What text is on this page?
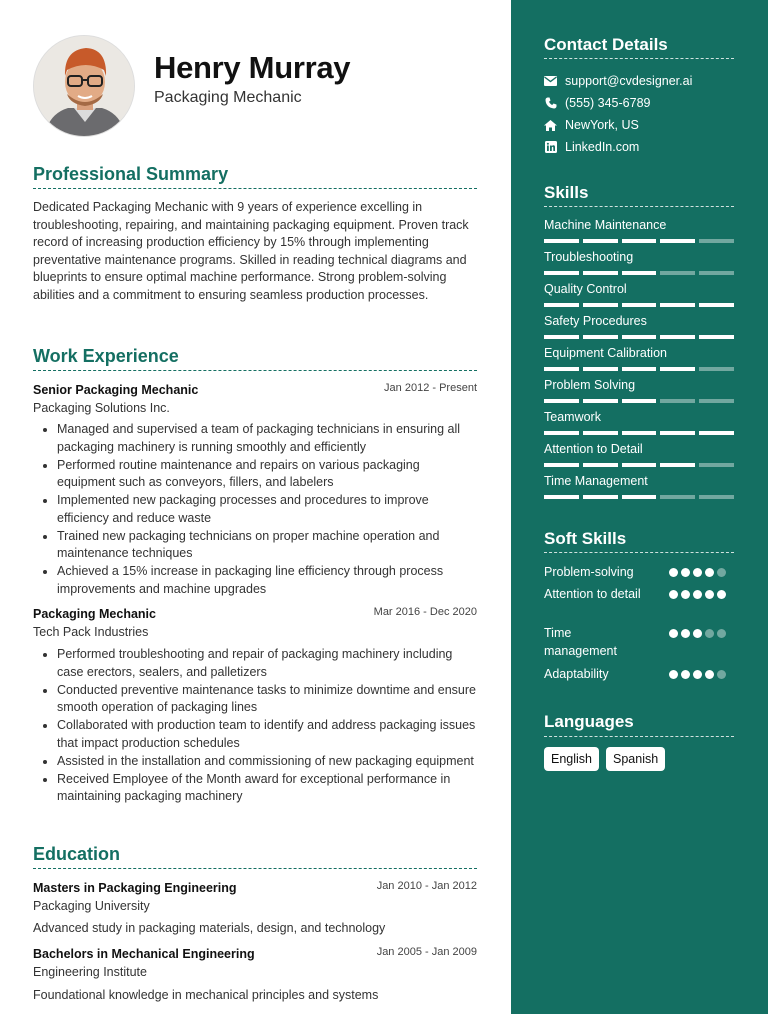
Henry Murray
Packaging Mechanic
Professional Summary
Dedicated Packaging Mechanic with 9 years of experience excelling in troubleshooting, repairing, and maintaining packaging equipment. Proven track record of increasing production efficiency by 15% through implementing preventative maintenance programs. Skilled in reading technical diagrams and blueprints to ensure optimal machine performance. Strong problem-solving abilities and a commitment to ensuring seamless production processes.
Work Experience
Senior Packaging Mechanic	Jan 2012 - Present
Packaging Solutions Inc.
Managed and supervised a team of packaging technicians in ensuring all packaging machinery is running smoothly and efficiently
Performed routine maintenance and repairs on various packaging equipment such as conveyors, fillers, and labelers
Implemented new packaging processes and procedures to improve efficiency and reduce waste
Trained new packaging technicians on proper machine operation and maintenance techniques
Achieved a 15% increase in packaging line efficiency through process improvements and machine upgrades
Packaging Mechanic	Mar 2016 - Dec 2020
Tech Pack Industries
Performed troubleshooting and repair of packaging machinery including case erectors, sealers, and palletizers
Conducted preventive maintenance tasks to minimize downtime and ensure smooth operation of packaging lines
Collaborated with production team to identify and address packaging issues that impact production schedules
Assisted in the installation and commissioning of new packaging equipment
Received Employee of the Month award for exceptional performance in maintaining packaging machinery
Education
Masters in Packaging Engineering	Jan 2010 - Jan 2012
Packaging University
Advanced study in packaging materials, design, and technology
Bachelors in Mechanical Engineering	Jan 2005 - Jan 2009
Engineering Institute
Foundational knowledge in mechanical principles and systems
Contact Details
support@cvdesigner.ai
(555) 345-6789
NewYork, US
LinkedIn.com
Skills
Machine Maintenance
Troubleshooting
Quality Control
Safety Procedures
Equipment Calibration
Problem Solving
Teamwork
Attention to Detail
Time Management
Soft Skills
Problem-solving
Attention to detail
Time management
Adaptability
Languages
English	Spanish
